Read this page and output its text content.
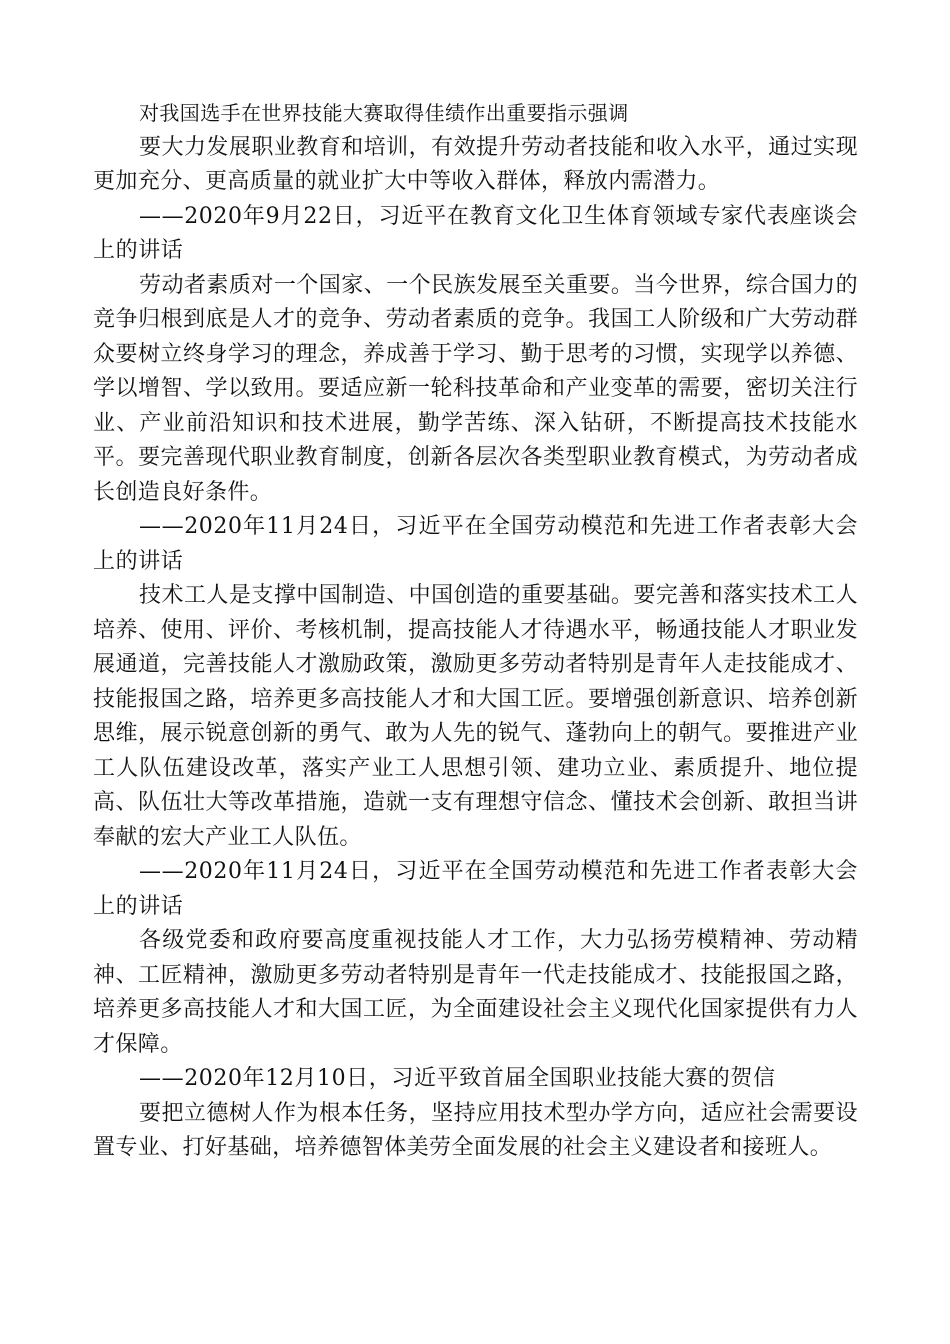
对我国选手在世界技能大赛取得佳绩作出重要指示强调

要大力发展职业教育和培训，有效提升劳动者技能和收入水平，通过实现更加充分、更高质量的就业扩大中等收入群体，释放内需潜力。

——2020年9月22日，习近平在教育文化卫生体育领域专家代表座谈会上的讲话

劳动者素质对一个国家、一个民族发展至关重要。当今世界，综合国力的竞争归根到底是人才的竞争、劳动者素质的竞争。我国工人阶级和广大劳动群众要树立终身学习的理念，养成善于学习、勤于思考的习惯，实现学以养德、学以增智、学以致用。要适应新一轮科技革命和产业变革的需要，密切关注行业、产业前沿知识和技术进展，勤学苦练、深入钻研，不断提高技术技能水平。要完善现代职业教育制度，创新各层次各类型职业教育模式，为劳动者成长创造良好条件。

——2020年11月24日，习近平在全国劳动模范和先进工作者表彰大会上的讲话

技术工人是支撑中国制造、中国创造的重要基础。要完善和落实技术工人培养、使用、评价、考核机制，提高技能人才待遇水平，畅通技能人才职业发展通道，完善技能人才激励政策，激励更多劳动者特别是青年人走技能成才、技能报国之路，培养更多高技能人才和大国工匠。要增强创新意识、培养创新思维，展示锐意创新的勇气、敢为人先的锐气、蓬勃向上的朝气。要推进产业工人队伍建设改革，落实产业工人思想引领、建功立业、素质提升、地位提高、队伍壮大等改革措施，造就一支有理想守信念、懂技术会创新、敢担当讲奉献的宏大产业工人队伍。

——2020年11月24日，习近平在全国劳动模范和先进工作者表彰大会上的讲话

各级党委和政府要高度重视技能人才工作，大力弘扬劳模精神、劳动精神、工匠精神，激励更多劳动者特别是青年一代走技能成才、技能报国之路，培养更多高技能人才和大国工匠，为全面建设社会主义现代化国家提供有力人才保障。

——2020年12月10日，习近平致首届全国职业技能大赛的贺信

要把立德树人作为根本任务，坚持应用技术型办学方向，适应社会需要设置专业、打好基础，培养德智体美劳全面发展的社会主义建设者和接班人。
